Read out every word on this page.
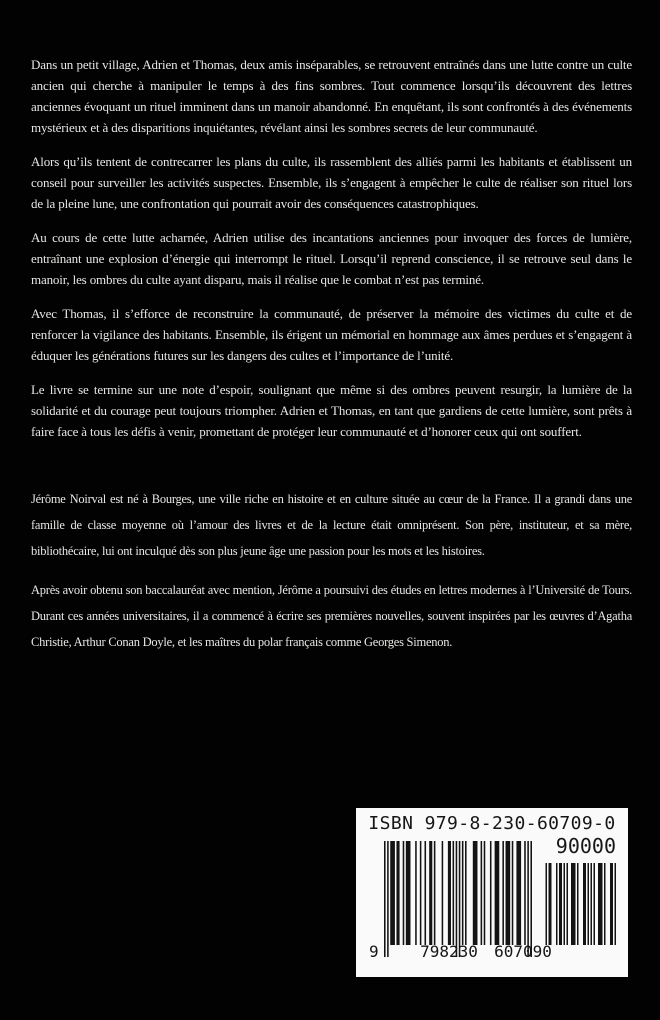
Dans un petit village, Adrien et Thomas, deux amis inséparables, se retrouvent entraînés dans une lutte contre un culte ancien qui cherche à manipuler le temps à des fins sombres. Tout commence lorsqu’ils découvrent des lettres anciennes évoquant un rituel imminent dans un manoir abandonné. En enquêtant, ils sont confrontés à des événements mystérieux et à des disparitions inquiétantes, révélant ainsi les sombres secrets de leur communauté.

Alors qu’ils tentent de contrecarrer les plans du culte, ils rassemblent des alliés parmi les habitants et établissent un conseil pour surveiller les activités suspectes. Ensemble, ils s’engagent à empêcher le culte de réaliser son rituel lors de la pleine lune, une confrontation qui pourrait avoir des conséquences catastrophiques.

Au cours de cette lutte acharnée, Adrien utilise des incantations anciennes pour invoquer des forces de lumière, entraînant une explosion d’énergie qui interrompt le rituel. Lorsqu’il reprend conscience, il se retrouve seul dans le manoir, les ombres du culte ayant disparu, mais il réalise que le combat n’est pas terminé.

Avec Thomas, il s’efforce de reconstruire la communauté, de préserver la mémoire des victimes du culte et de renforcer la vigilance des habitants. Ensemble, ils érigent un mémorial en hommage aux âmes perdues et s’engagent à éduquer les générations futures sur les dangers des cultes et l’importance de l’unité.

Le livre se termine sur une note d’espoir, soulignant que même si des ombres peuvent resurgir, la lumière de la solidarité et du courage peut toujours triompher. Adrien et Thomas, en tant que gardiens de cette lumière, sont prêts à faire face à tous les défis à venir, promettant de protéger leur communauté et d’honorer ceux qui ont souffert.

Jérôme Noirval est né à Bourges, une ville riche en histoire et en culture située au cœur de la France. Il a grandi dans une famille de classe moyenne où l’amour des livres et de la lecture était omniprésent. Son père, instituteur, et sa mère, bibliothécaire, lui ont inculqué dès son plus jeune âge une passion pour les mots et les histoires.

Après avoir obtenu son baccalauréat avec mention, Jérôme a poursuivi des études en lettres modernes à l’Université de Tours. Durant ces années universitaires, il a commencé à écrire ses premières nouvelles, souvent inspirées par les œuvres d’Agatha Christie, Arthur Conan Doyle, et les maîtres du polar français comme Georges Simenon.

ISBN 979-8-230-60709-0
90000
9	798230 607090
